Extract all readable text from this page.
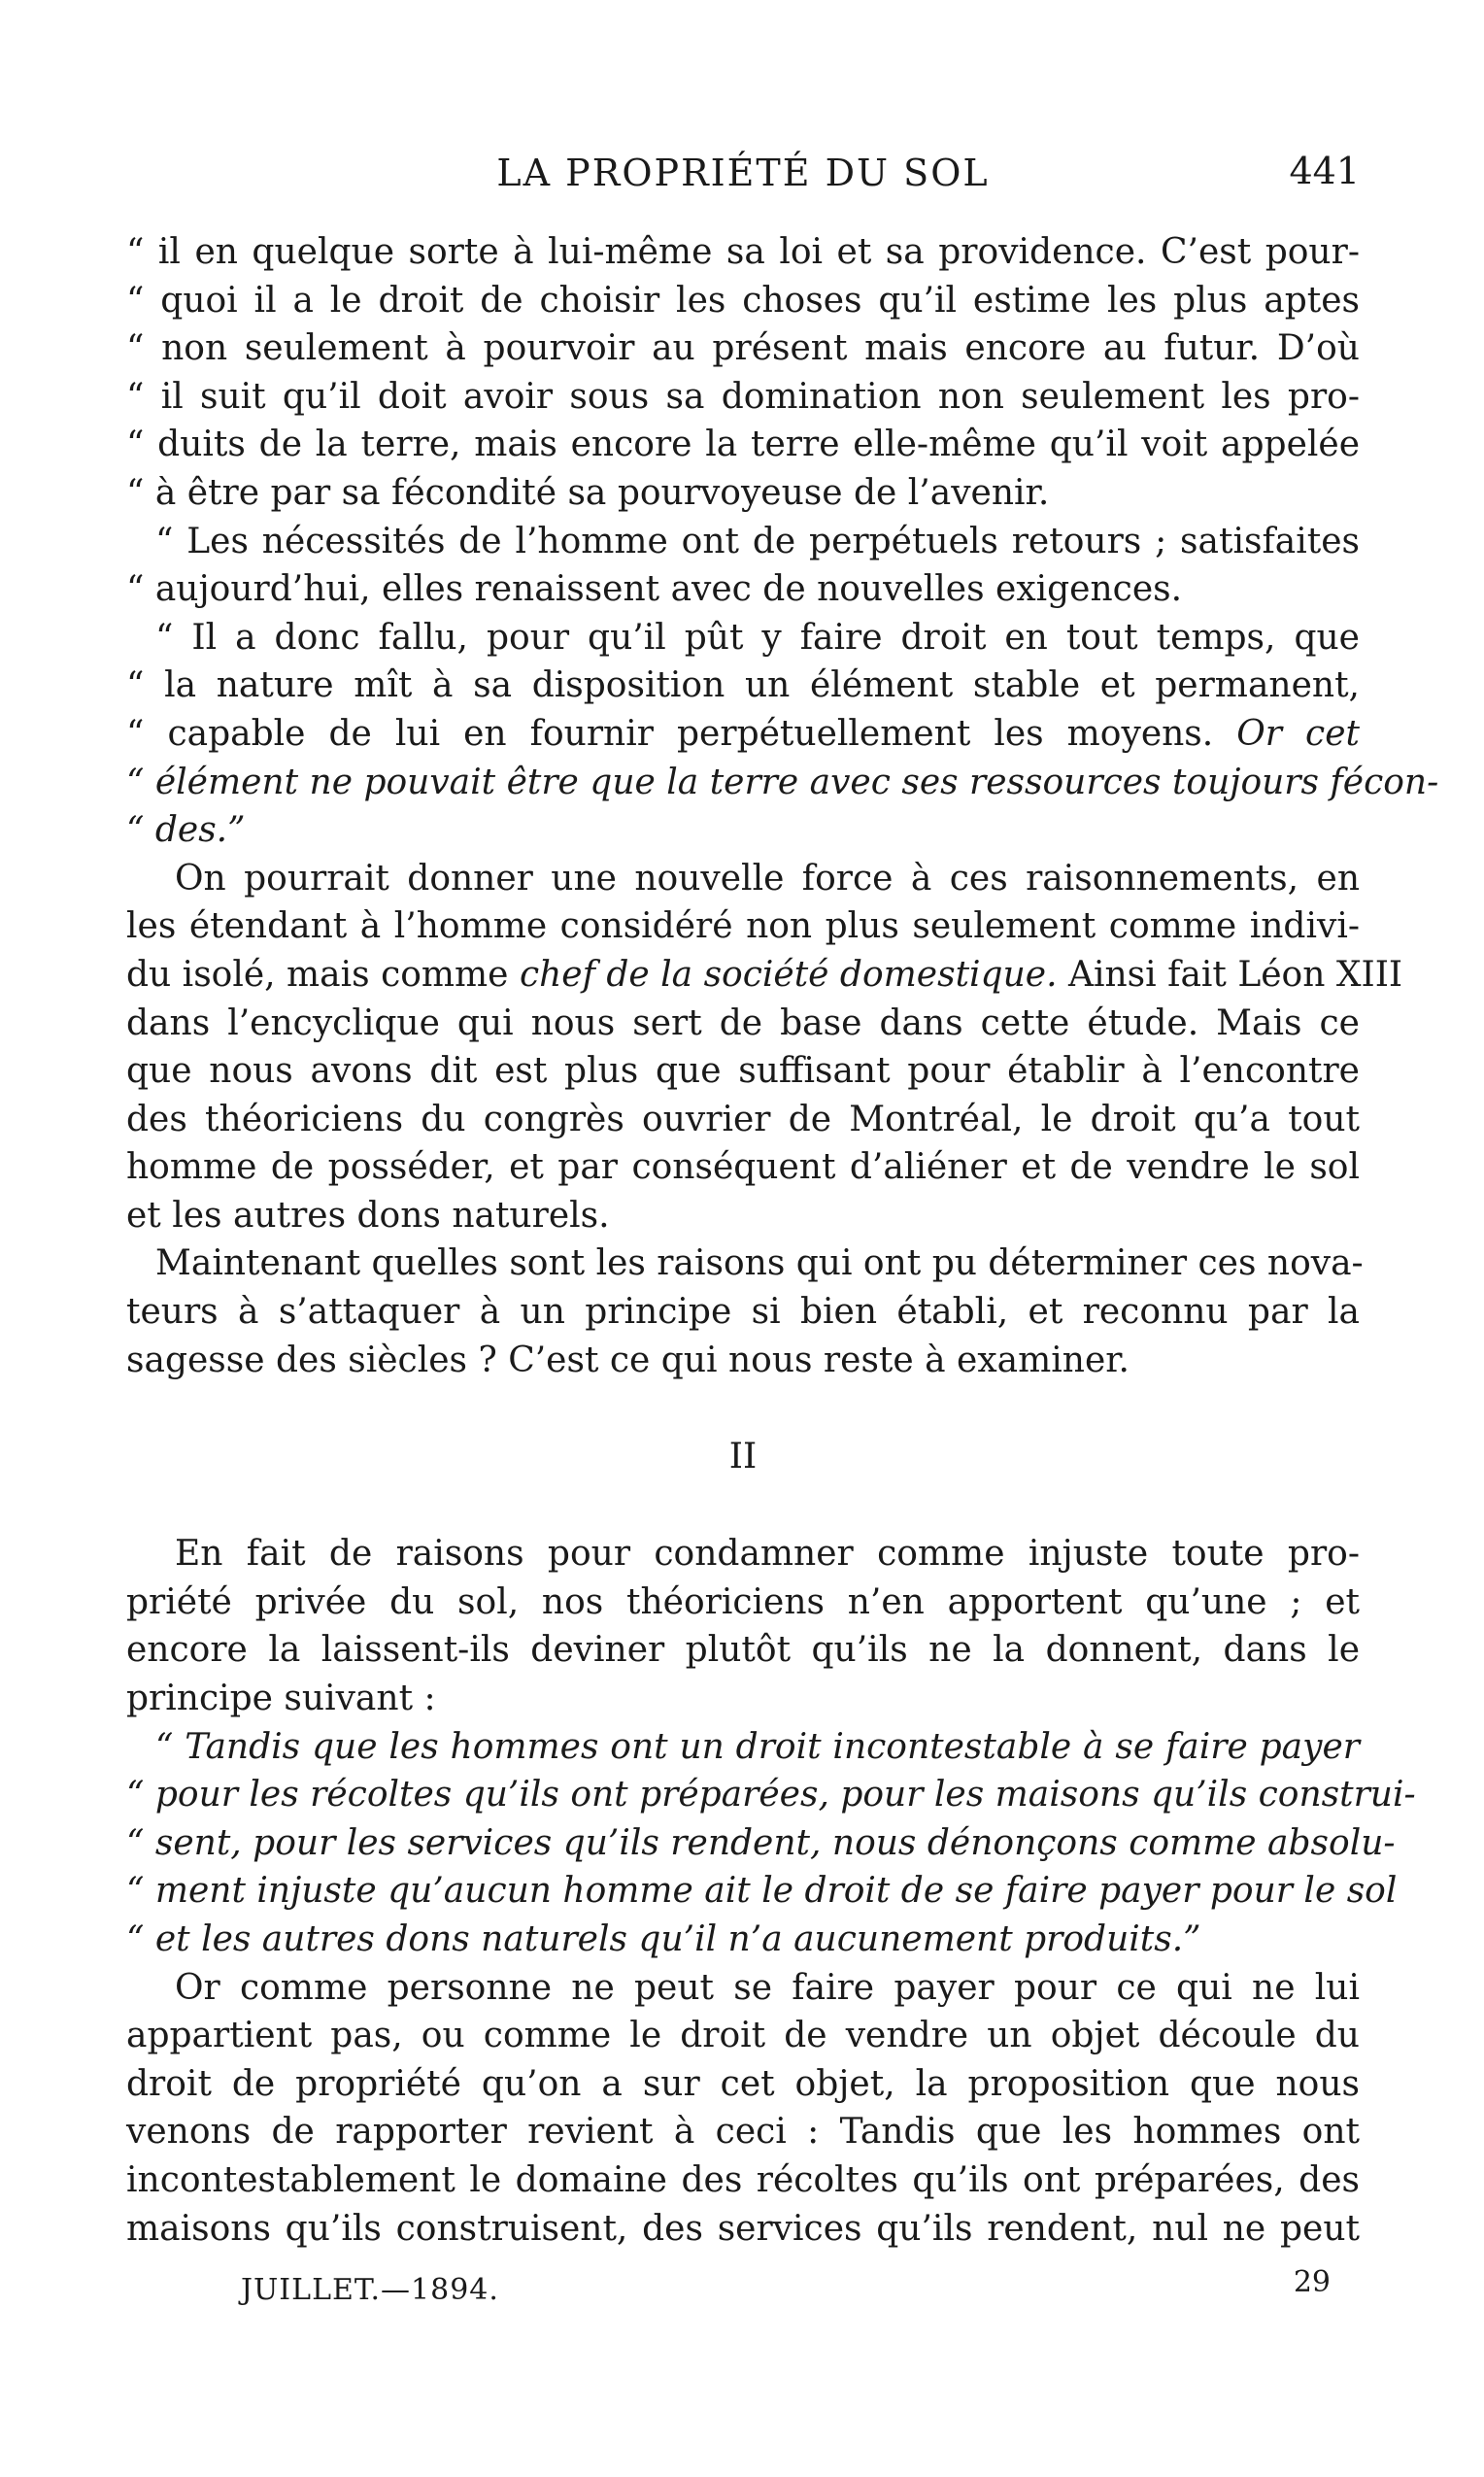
LA PROPRIÉTÉ DU SOL	441
“ il en quelque sorte à lui-même sa loi et sa providence. C’est pour-
“ quoi il a le droit de choisir les choses qu’il estime les plus aptes
“ non seulement à pourvoir au présent mais encore au futur. D’où
“ il suit qu’il doit avoir sous sa domination non seulement les pro-
“ duits de la terre, mais encore la terre elle-même qu’il voit appelée
“ à être par sa fécondité sa pourvoyeuse de l’avenir.
“ Les nécessités de l’homme ont de perpétuels retours ; satisfaites
“ aujourd’hui, elles renaissent avec de nouvelles exigences.
“ Il a donc fallu, pour qu’il pût y faire droit en tout temps, que
“ la nature mît à sa disposition un élément stable et permanent,
“ capable de lui en fournir perpétuellement les moyens. Or cet
“ élément ne pouvait être que la terre avec ses ressources toujours fécon-
“ des.”
On pourrait donner une nouvelle force à ces raisonnements, en
les étendant à l’homme considéré non plus seulement comme indivi-
du isolé, mais comme chef de la société domestique. Ainsi fait Léon XIII
dans l’encyclique qui nous sert de base dans cette étude. Mais ce
que nous avons dit est plus que suffisant pour établir à l’encontre
des théoriciens du congrès ouvrier de Montréal, le droit qu’a tout
homme de posséder, et par conséquent d’aliéner et de vendre le sol
et les autres dons naturels.
Maintenant quelles sont les raisons qui ont pu déterminer ces nova-
teurs à s’attaquer à un principe si bien établi, et reconnu par la
sagesse des siècles ? C’est ce qui nous reste à examiner.
II
En fait de raisons pour condamner comme injuste toute pro-
priété privée du sol, nos théoriciens n’en apportent qu’une ; et
encore la laissent-ils deviner plutôt qu’ils ne la donnent, dans le
principe suivant :
“ Tandis que les hommes ont un droit incontestable à se faire payer
“ pour les récoltes qu’ils ont préparées, pour les maisons qu’ils construi-
“ sent, pour les services qu’ils rendent, nous dénonçons comme absolu-
“ ment injuste qu’aucun homme ait le droit de se faire payer pour le sol
“ et les autres dons naturels qu’il n’a aucunement produits.”
Or comme personne ne peut se faire payer pour ce qui ne lui
appartient pas, ou comme le droit de vendre un objet découle du
droit de propriété qu’on a sur cet objet, la proposition que nous
venons de rapporter revient à ceci : Tandis que les hommes ont
incontestablement le domaine des récoltes qu’ils ont préparées, des
maisons qu’ils construisent, des services qu’ils rendent, nul ne peut
JUILLET.—1894.	29
